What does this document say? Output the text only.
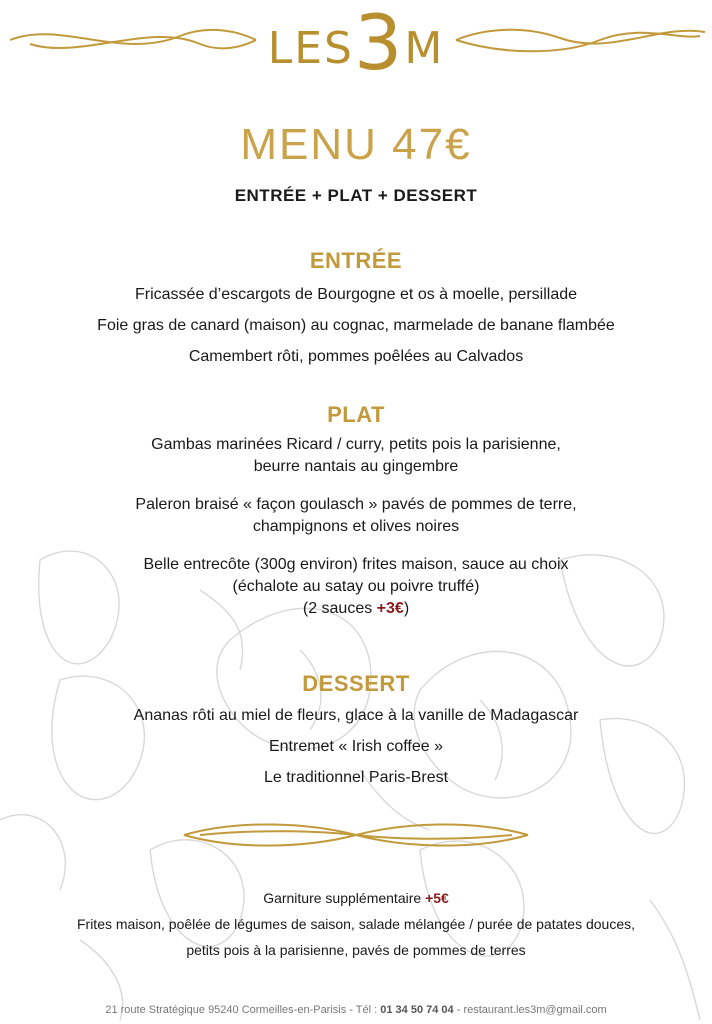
LES3M
MENU 47€
ENTRÉE + PLAT + DESSERT
ENTRÉE
Fricassée d’escargots de Bourgogne et os à moelle, persillade
Foie gras de canard (maison) au cognac, marmelade de banane flambée
Camembert rôti, pommes poêlées au Calvados
PLAT
Gambas marinées Ricard / curry, petits pois la parisienne,
beurre nantais au gingembre
Paleron braisé « façon goulasch » pavés de pommes de terre,
champignons et olives noires
Belle entrecôte (300g environ) frites maison, sauce au choix
(échalote au satay ou poivre truffé)
(2 sauces +3€)
DESSERT
Ananas rôti au miel de fleurs, glace à la vanille de Madagascar
Entremet « Irish coffee »
Le traditionnel Paris-Brest
Garniture supplémentaire +5€
Frites maison, poêlée de légumes de saison, salade mélangée / purée de patates douces,
petits pois à la parisienne, pavés de pommes de terres
21 route Stratégique 95240 Cormeilles-en-Parisis - Tél : 01 34 50 74 04 - restaurant.les3m@gmail.com
